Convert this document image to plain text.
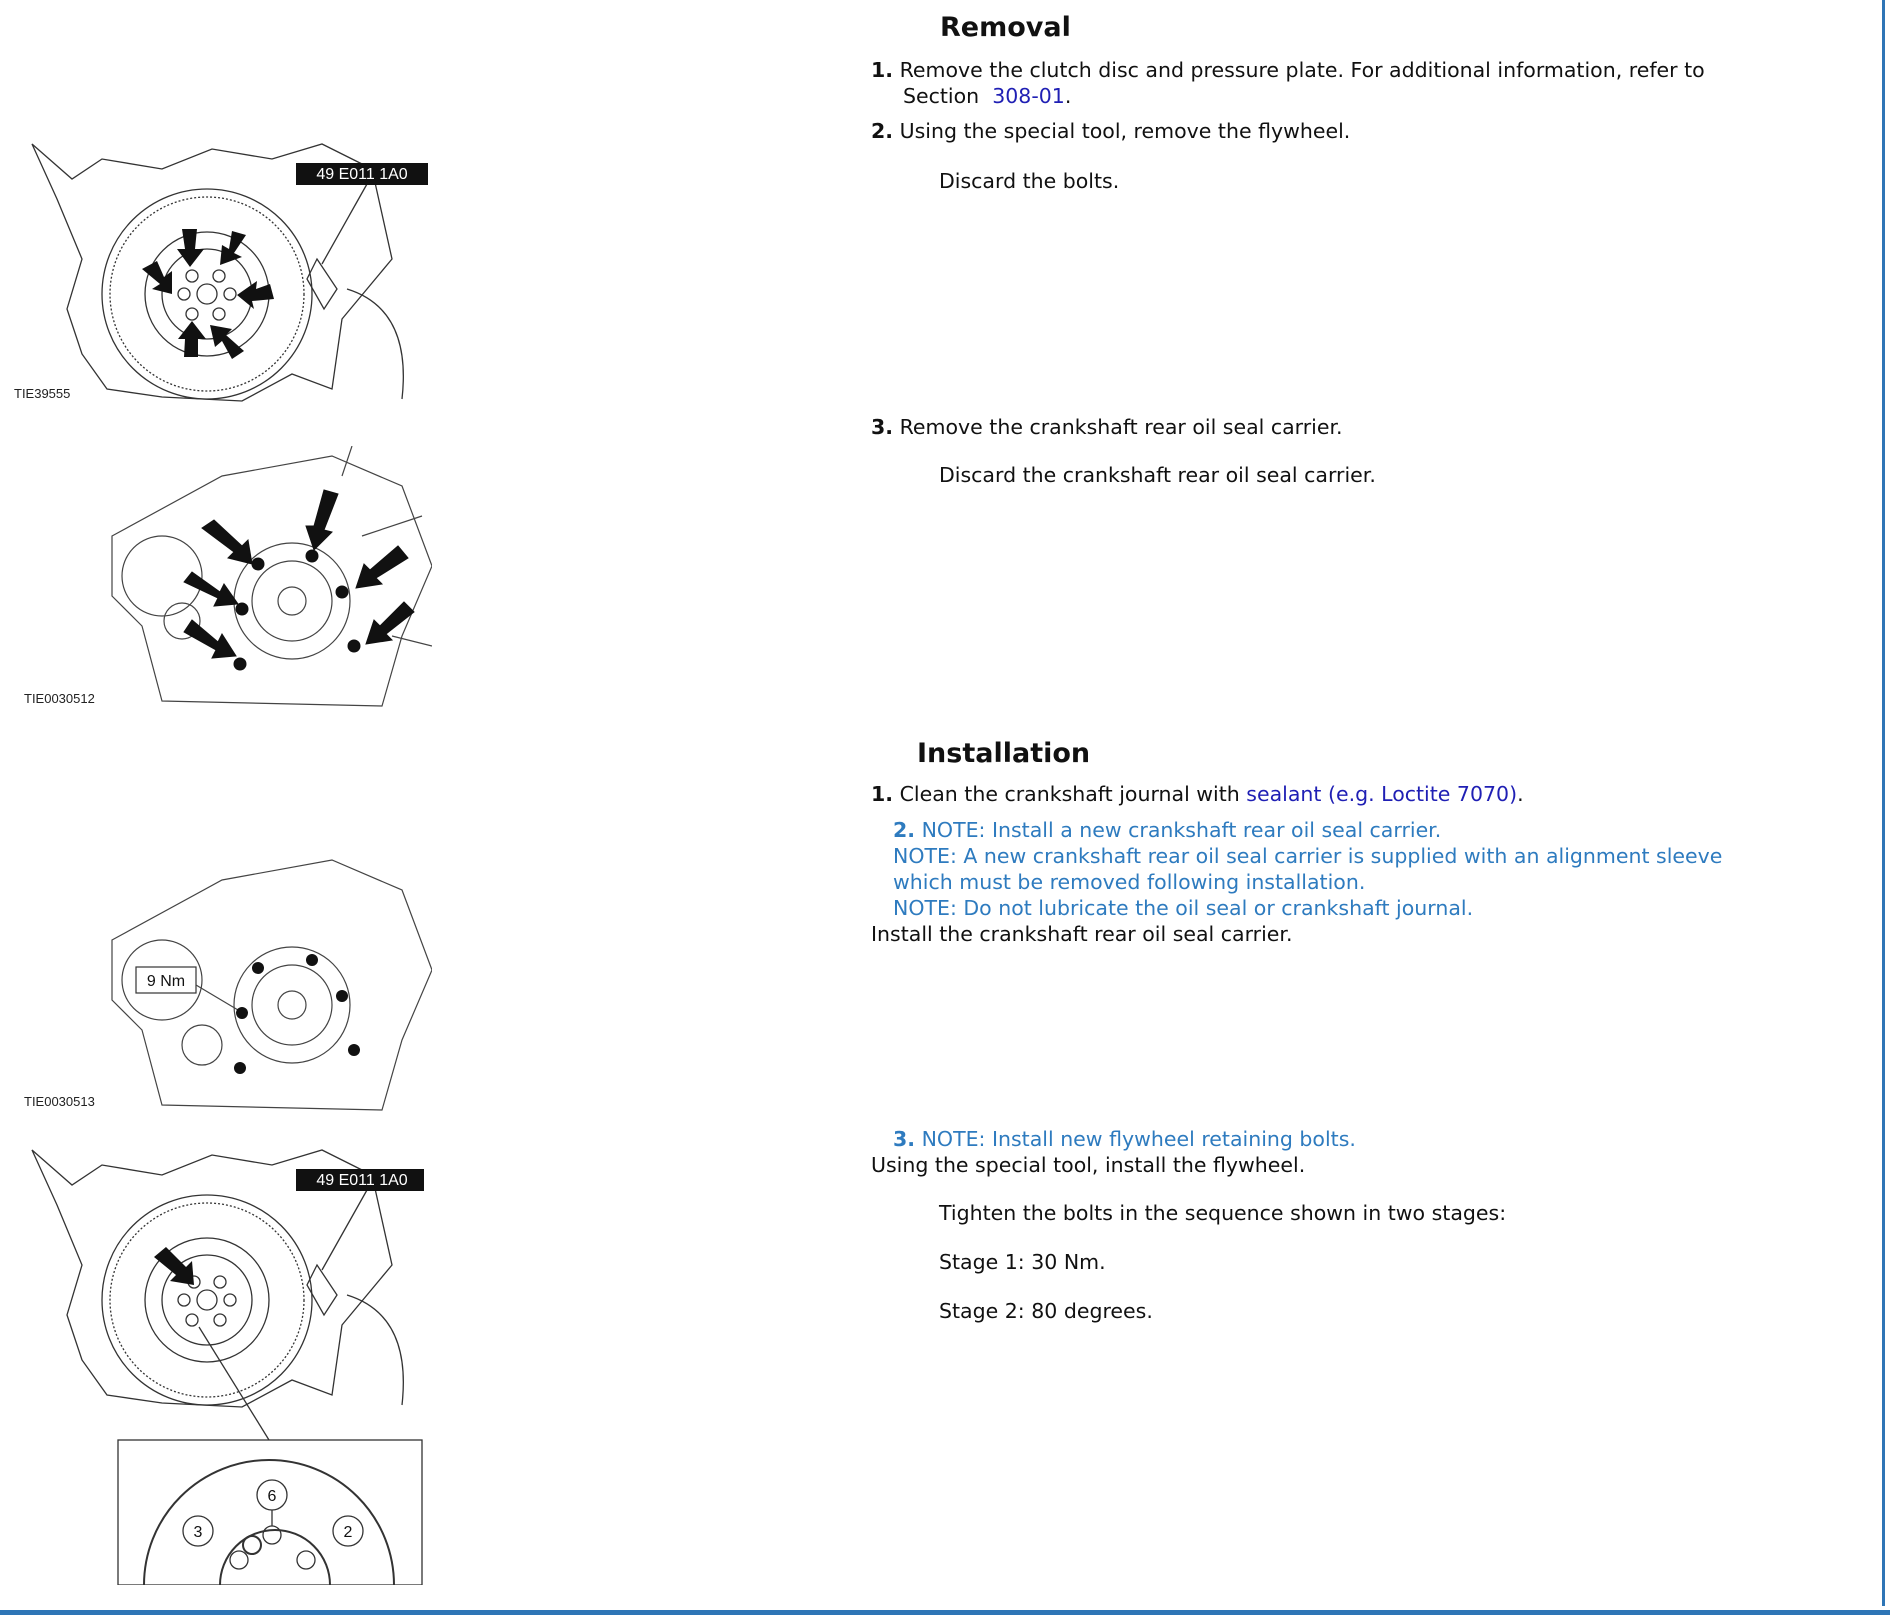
Removal
1. Remove the clutch disc and pressure plate. For additional information, refer to
Section  308-01.
2. Using the special tool, remove the flywheel.
Discard the bolts.
3. Remove the crankshaft rear oil seal carrier.
Discard the crankshaft rear oil seal carrier.
Installation
1. Clean the crankshaft journal with sealant (e.g. Loctite 7070).
2. NOTE: Install a new crankshaft rear oil seal carrier.
NOTE: A new crankshaft rear oil seal carrier is supplied with an alignment sleeve
which must be removed following installation.
NOTE: Do not lubricate the oil seal or crankshaft journal.
Install the crankshaft rear oil seal carrier.
3. NOTE: Install new flywheel retaining bolts.
Using the special tool, install the flywheel.
Tighten the bolts in the sequence shown in two stages:
Stage 1: 30 Nm.
Stage 2: 80 degrees.
49 E011 1A0
TIE39555
TIE0030512
9 Nm
TIE0030513
49 E011 1A0
6
3	2
